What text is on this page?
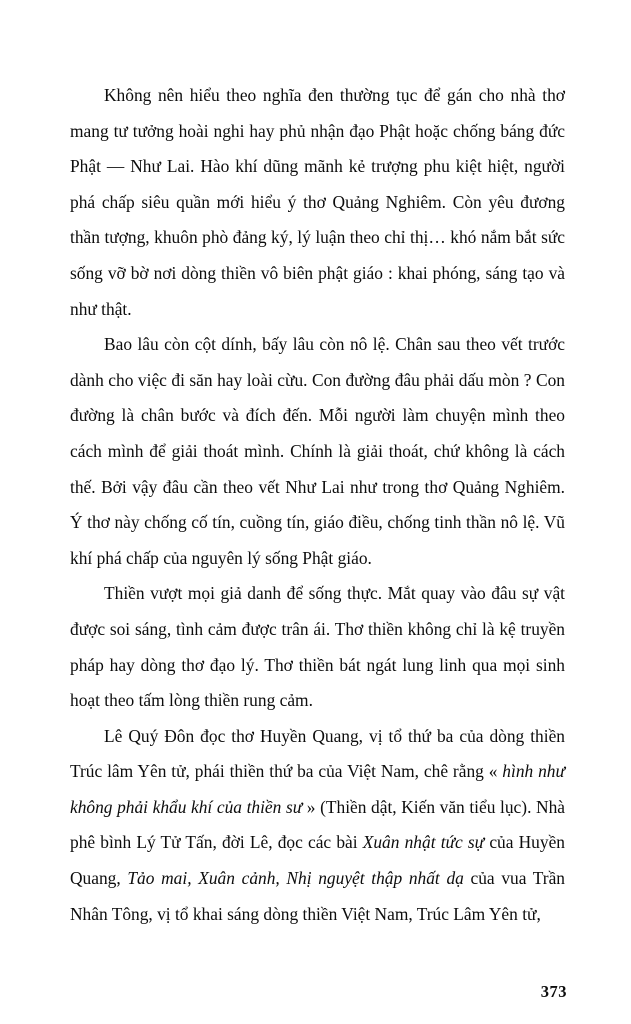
Không nên hiểu theo nghĩa đen thường tục để gán cho nhà thơ mang tư tưởng hoài nghi hay phủ nhận đạo Phật hoặc chống báng đức Phật — Như Lai. Hào khí dũng mãnh kẻ trượng phu kiệt hiệt, người phá chấp siêu quần mới hiểu ý thơ Quảng Nghiêm. Còn yêu đương thần tượng, khuôn phò đảng ký, lý luận theo chỉ thị… khó nắm bắt sức sống vỡ bờ nơi dòng thiền vô biên phật giáo : khai phóng, sáng tạo và như thật.

Bao lâu còn cột dính, bấy lâu còn nô lệ. Chân sau theo vết trước dành cho việc đi săn hay loài cừu. Con đường đâu phải dấu mòn ? Con đường là chân bước và đích đến. Mỗi người làm chuyện mình theo cách mình để giải thoát mình. Chính là giải thoát, chứ không là cách thế. Bởi vậy đâu cần theo vết Như Lai như trong thơ Quảng Nghiêm. Ý thơ này chống cố tín, cuồng tín, giáo điều, chống tinh thần nô lệ. Vũ khí phá chấp của nguyên lý sống Phật giáo.

Thiền vượt mọi giả danh để sống thực. Mắt quay vào đâu sự vật được soi sáng, tình cảm được trân ái. Thơ thiền không chỉ là kệ truyền pháp hay dòng thơ đạo lý. Thơ thiền bát ngát lung linh qua mọi sinh hoạt theo tấm lòng thiền rung cảm.

Lê Quý Đôn đọc thơ Huyền Quang, vị tổ thứ ba của dòng thiền Trúc lâm Yên tử, phái thiền thứ ba của Việt Nam, chê rằng « hình như không phải khẩu khí của thiền sư » (Thiền dật, Kiến văn tiểu lục). Nhà phê bình Lý Tử Tấn, đời Lê, đọc các bài Xuân nhật tức sự của Huyền Quang, Tảo mai, Xuân cảnh, Nhị nguyệt thập nhất dạ của vua Trần Nhân Tông, vị tổ khai sáng dòng thiền Việt Nam, Trúc Lâm Yên tử,

373
